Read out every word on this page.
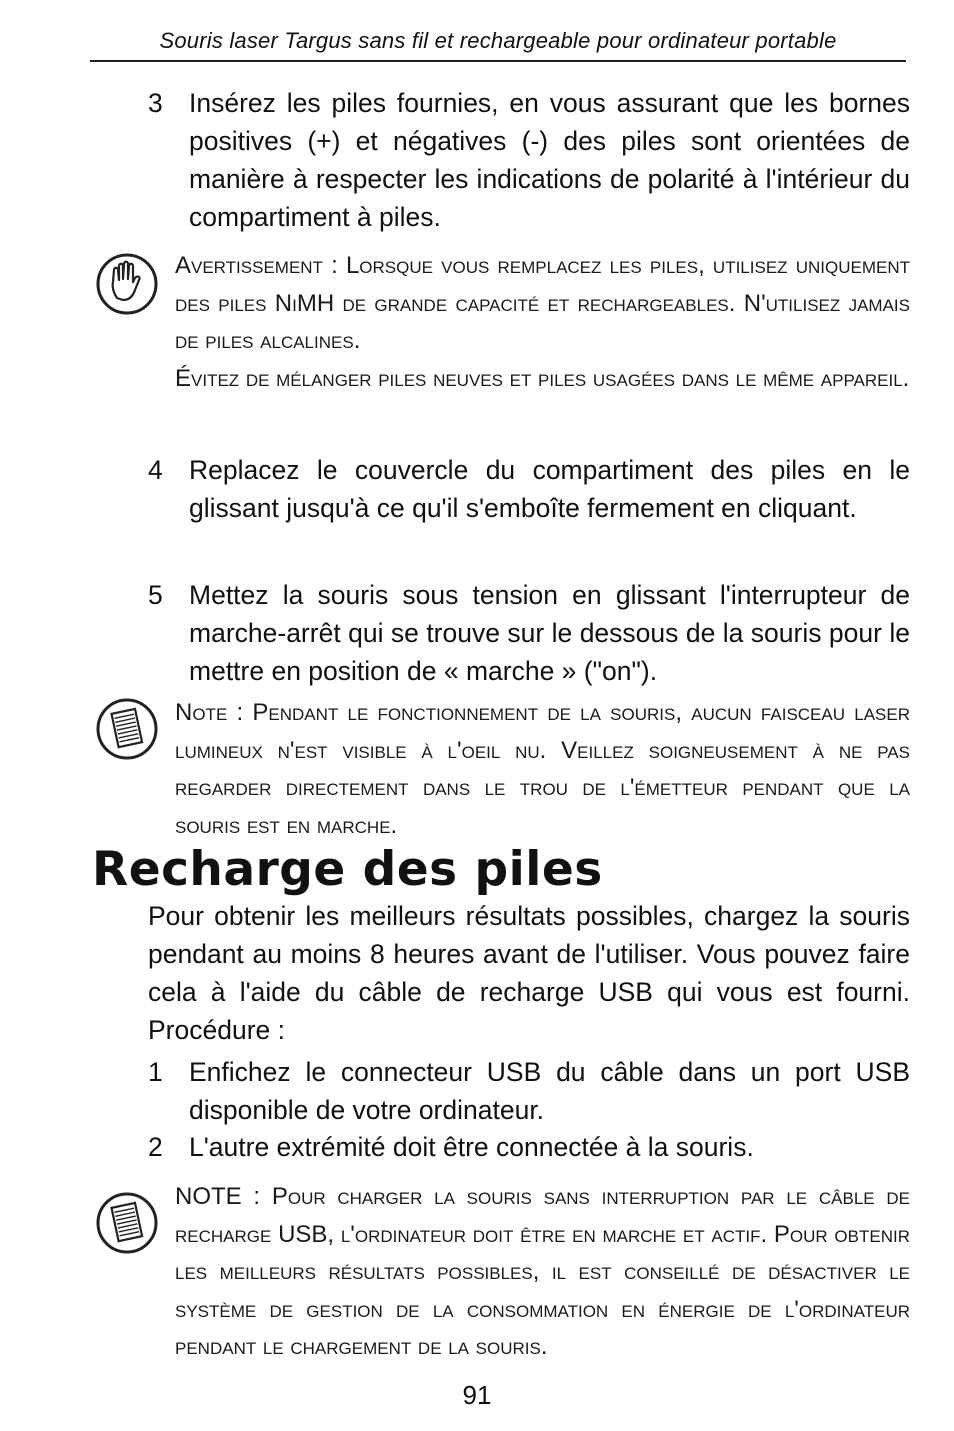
Souris laser Targus sans fil et rechargeable pour ordinateur portable
3 Insérez les piles fournies, en vous assurant que les bornes positives (+) et négatives (-) des piles sont orientées de manière à respecter les indications de polarité à l'intérieur du compartiment à piles.

Avertissement : Lorsque vous remplacez les piles, utilisez uniquement des piles NiMH de grande capacité et rechargeables. N'utilisez jamais de piles alcalines.

Évitez de mélanger piles neuves et piles usagées dans le même appareil.

4 Replacez le couvercle du compartiment des piles en le glissant jusqu'à ce qu'il s'emboîte fermement en cliquant.
5 Mettez la souris sous tension en glissant l'interrupteur de marche-arrêt qui se trouve sur le dessous de la souris pour le mettre en position de « marche » ("on").

Note : Pendant le fonctionnement de la souris, aucun faisceau laser lumineux n'est visible à l'oeil nu. Veillez soigneusement à ne pas regarder directement dans le trou de l'émetteur pendant que la souris est en marche.

Recharge des piles
Pour obtenir les meilleurs résultats possibles, chargez la souris pendant au moins 8 heures avant de l'utiliser. Vous pouvez faire cela à l'aide du câble de recharge USB qui vous est fourni. Procédure :
1 Enfichez le connecteur USB du câble dans un port USB disponible de votre ordinateur.
2 L'autre extrémité doit être connectée à la souris.

NOTE : Pour charger la souris sans interruption par le câble de recharge USB, l'ordinateur doit être en marche et actif. Pour obtenir les meilleurs résultats possibles, il est conseillé de désactiver le système de gestion de la consommation en énergie de l'ordinateur pendant le chargement de la souris.

91
